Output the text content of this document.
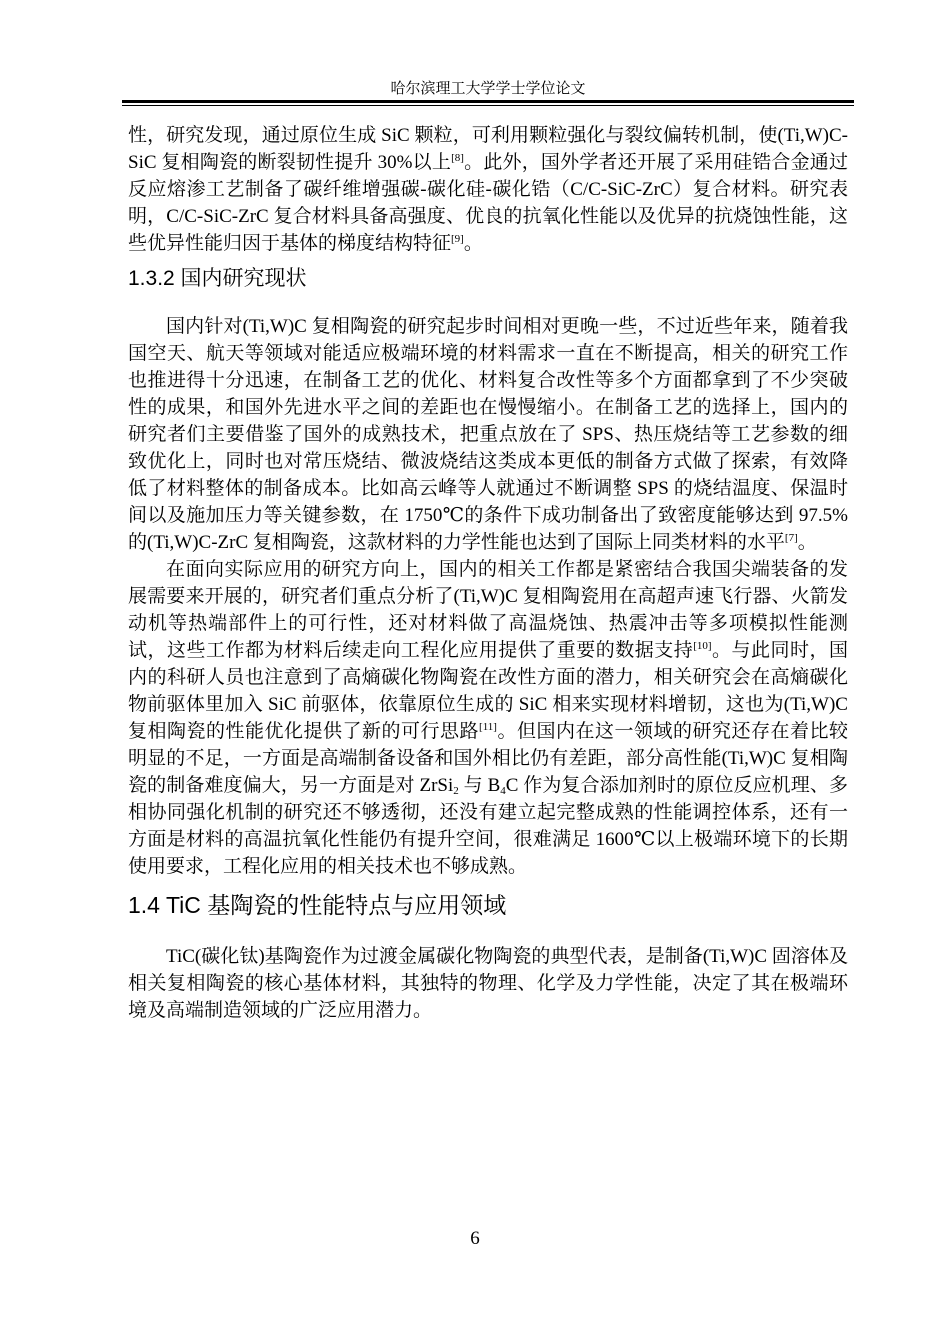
哈尔滨理工大学学士学位论文

性，研究发现，通过原位生成 SiC 颗粒，可利用颗粒强化与裂纹偏转机制，使(Ti,W)C-SiC 复相陶瓷的断裂韧性提升 30%以上[8]。此外，国外学者还开展了采用硅锆合金通过反应熔渗工艺制备了碳纤维增强碳-碳化硅-碳化锆（C/C-SiC-ZrC）复合材料。研究表明，C/C-SiC-ZrC 复合材料具备高强度、优良的抗氧化性能以及优异的抗烧蚀性能，这些优异性能归因于基体的梯度结构特征[9]。

1.3.2 国内研究现状

国内针对(Ti,W)C 复相陶瓷的研究起步时间相对更晚一些，不过近些年来，随着我国空天、航天等领域对能适应极端环境的材料需求一直在不断提高，相关的研究工作也推进得十分迅速，在制备工艺的优化、材料复合改性等多个方面都拿到了不少突破性的成果，和国外先进水平之间的差距也在慢慢缩小。在制备工艺的选择上，国内的研究者们主要借鉴了国外的成熟技术，把重点放在了 SPS、热压烧结等工艺参数的细致优化上，同时也对常压烧结、微波烧结这类成本更低的制备方式做了探索，有效降低了材料整体的制备成本。比如高云峰等人就通过不断调整 SPS 的烧结温度、保温时间以及施加压力等关键参数，在 1750℃的条件下成功制备出了致密度能够达到 97.5% 的(Ti,W)C-ZrC 复相陶瓷，这款材料的力学性能也达到了国际上同类材料的水平[7]。

在面向实际应用的研究方向上，国内的相关工作都是紧密结合我国尖端装备的发展需要来开展的，研究者们重点分析了(Ti,W)C 复相陶瓷用在高超声速飞行器、火箭发动机等热端部件上的可行性，还对材料做了高温烧蚀、热震冲击等多项模拟性能测试，这些工作都为材料后续走向工程化应用提供了重要的数据支持[10]。与此同时，国内的科研人员也注意到了高熵碳化物陶瓷在改性方面的潜力，相关研究会在高熵碳化物前驱体里加入 SiC 前驱体，依靠原位生成的 SiC 相来实现材料增韧，这也为(Ti,W)C 复相陶瓷的性能优化提供了新的可行思路[11]。但国内在这一领域的研究还存在着比较明显的不足，一方面是高端制备设备和国外相比仍有差距，部分高性能(Ti,W)C 复相陶瓷的制备难度偏大，另一方面是对 ZrSi$_2$ 与 $B_4C$ 作为复合添加剂时的原位反应机理、多相协同强化机制的研究还不够透彻，还没有建立起完整成熟的性能调控体系，还有一方面是材料的高温抗氧化性能仍有提升空间，很难满足 1600℃以上极端环境下的长期使用要求，工程化应用的相关技术也不够成熟。

1.4 TiC 基陶瓷的性能特点与应用领域

TiC(碳化钛)基陶瓷作为过渡金属碳化物陶瓷的典型代表，是制备(Ti,W)C 固溶体及相关复相陶瓷的核心基体材料，其独特的物理、化学及力学性能，决定了其在极端环境及高端制造领域的广泛应用潜力。

6
